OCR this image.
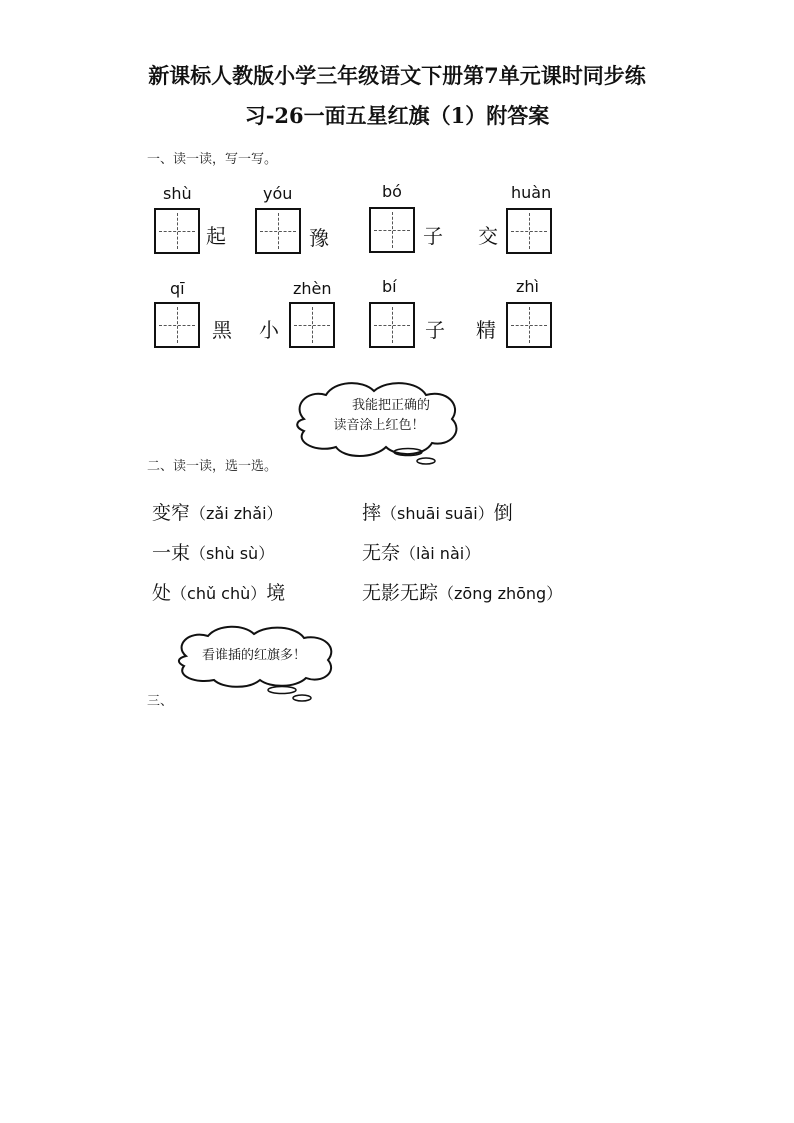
新课标人教版小学三年级语文下册第7单元课时同步练
习-26一面五星红旗（1）附答案
一、读一读，写一写。
shù
起
yóu
豫
bó
子
huàn
交
qī
黑 小
zhèn	bí
子 精
zhì
我能把正确的
读音涂上红色！
二、读一读，选一选。
变窄（zǎi zhǎi）	摔（shuāi suāi）倒
一束（shù sù）	无奈（lài nài）
处（chǔ chù）境	无影无踪（zōng zhōng）
看谁插的红旗多！
三、
